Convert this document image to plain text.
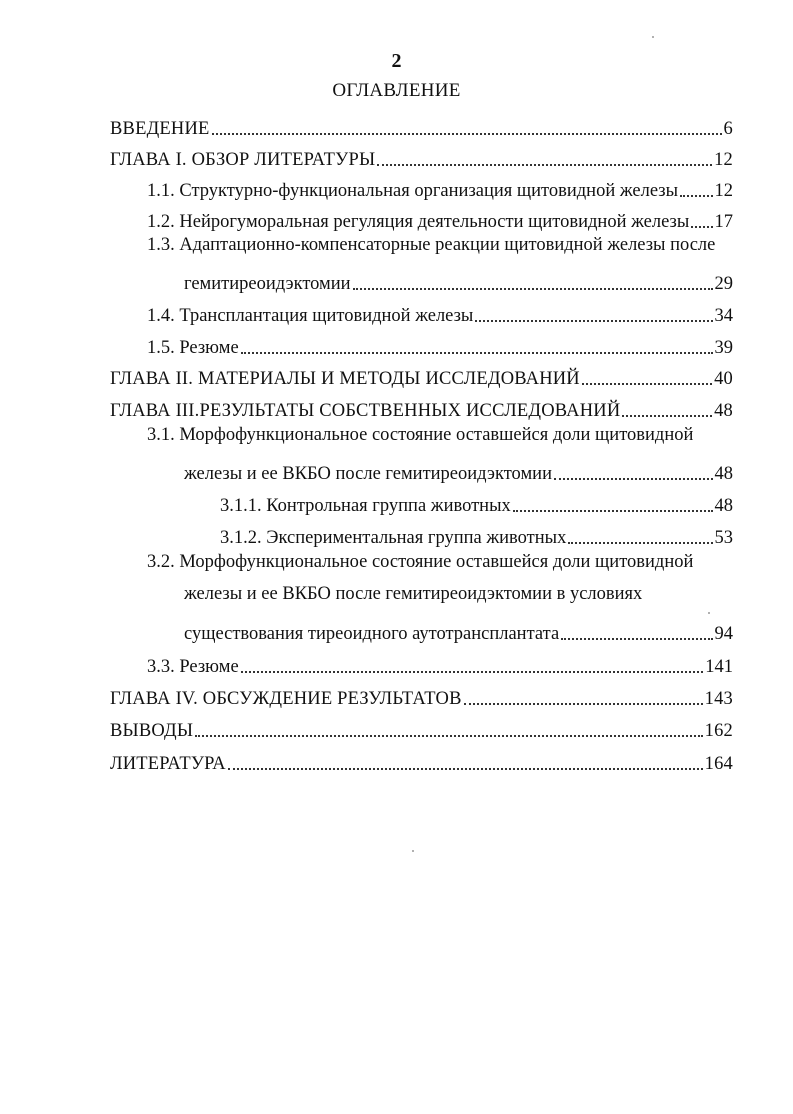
2
ОГЛАВЛЕНИЕ
ВВЕДЕНИЕ	6
ГЛАВА I. ОБЗОР ЛИТЕРАТУРЫ	12
1.1. Структурно-функциональная организация щитовидной железы 12
1.2. Нейрогуморальная регуляция деятельности щитовидной железы 17
1.3. Адаптационно-компенсаторные реакции щитовидной железы после
гемитиреоидэктомии	29
1.4. Трансплантация щитовидной железы	34
1.5. Резюме	39
ГЛАВА II. МАТЕРИАЛЫ И МЕТОДЫ ИССЛЕДОВАНИЙ	40
ГЛАВА III.РЕЗУЛЬТАТЫ СОБСТВЕННЫХ ИССЛЕДОВАНИЙ	48
3.1. Морфофункциональное состояние оставшейся доли щитовидной
железы и ее ВКБО после гемитиреоидэктомии	48
3.1.1. Контрольная группа животных	48
3.1.2. Экспериментальная группа животных	53
3.2. Морфофункциональное состояние оставшейся доли щитовидной
железы и ее ВКБО после гемитиреоидэктомии в условиях
существования тиреоидного аутотрансплантата	94
3.3. Резюме	141
ГЛАВА IV. ОБСУЖДЕНИЕ РЕЗУЛЬТАТОВ	143
ВЫВОДЫ	162
ЛИТЕРАТУРА	164
